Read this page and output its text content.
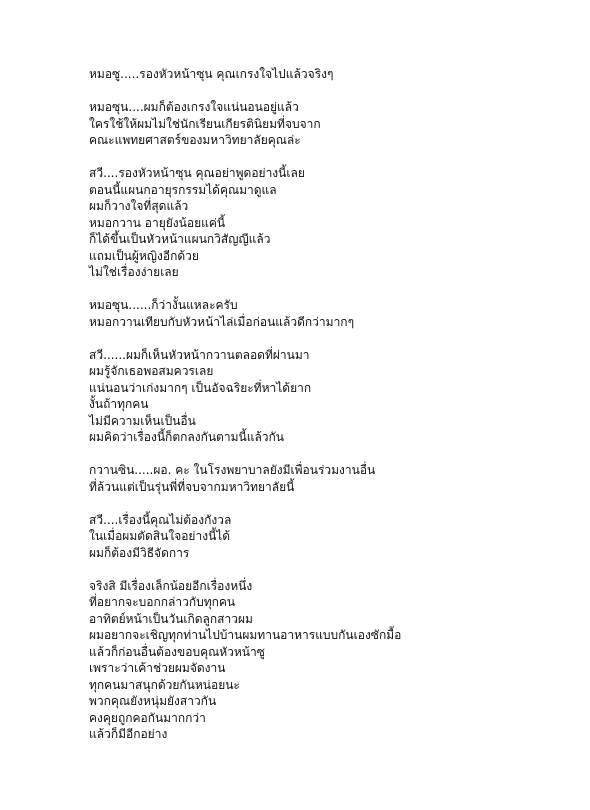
หมอซู.....รองหัวหน้าซุน คุณเกรงใจไปแล้วจริงๆ
หมอซุน....ผมก็ต้องเกรงใจแน่นอนอยู่แล้ว
ใครใช้ให้ผมไม่ใช่นักเรียนเกียรตินิยมที่จบจาก
คณะแพทยศาสตร์ของมหาวิทยาลัยคุณล่ะ
สวี....รองหัวหน้าซุน คุณอย่าพูดอย่างนี้เลย
ตอนนี้แผนกอายุรกรรมได้คุณมาดูแล
ผมก็วางใจที่สุดแล้ว
หมอกวาน อายุยังน้อยแค่นี้
ก็ได้ขึ้นเป็นหัวหน้าแผนกวิสัญญีแล้ว
แถมเป็นผู้หญิงอีกด้วย
ไม่ใช่เรื่องง่ายเลย
หมอซุน......ก็ว่างั้นแหละครับ
หมอกวานเทียบกับหัวหน้าไล่เมื่อก่อนแล้วดีกว่ามากๆ
สวี......ผมก็เห็นหัวหน้ากวานตลอดที่ผ่านมา
ผมรู้จักเธอพอสมควรเลย
แน่นอนว่าเก่งมากๆ เป็นอัจฉริยะที่หาได้ยาก
งั้นถ้าทุกคน
ไม่มีความเห็นเป็นอื่น
ผมคิดว่าเรื่องนี้ก็ตกลงกันตามนี้แล้วกัน
กวานซิน.....ผอ. คะ ในโรงพยาบาลยังมีเพื่อนร่วมงานอื่น
ที่ล้วนแต่เป็นรุ่นพี่ที่จบจากมหาวิทยาลัยนี้
สวี....เรื่องนี้คุณไม่ต้องกังวล
ในเมื่อผมตัดสินใจอย่างนี้ได้
ผมก็ต้องมีวิธีจัดการ
จริงสิ มีเรื่องเล็กน้อยอีกเรื่องหนึ่ง
ที่อยากจะบอกกล่าวกับทุกคน
อาทิตย์หน้าเป็นวันเกิดลูกสาวผม
ผมอยากจะเชิญทุกท่านไปบ้านผมทานอาหารแบบกันเองซักมื้อ
แล้วก็ก่อนอื่นต้องขอบคุณหัวหน้าซู
เพราะว่าเค้าช่วยผมจัดงาน
ทุกคนมาสนุกด้วยกันหน่อยนะ
พวกคุณยังหนุ่มยังสาวกัน
คงคุยถูกคอกันมากกว่า
แล้วก็มีอีกอย่าง
